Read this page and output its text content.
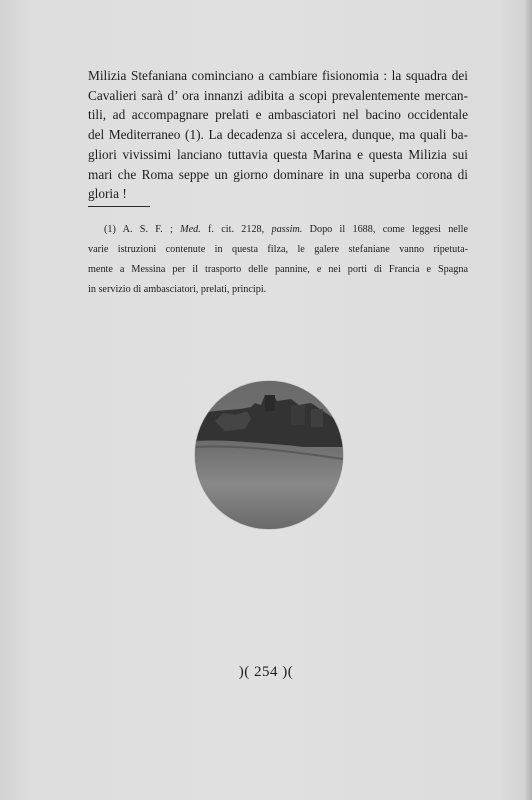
Milizia Stefaniana cominciano a cambiare fisionomia : la squadra dei
Cavalieri sarà d’ ora innanzi adibita a scopi prevalentemente mercan-
tili, ad accompagnare prelati e ambasciatori nel bacino occidentale
del Mediterraneo (1). La decadenza si accelera, dunque, ma quali ba-
gliori vivissimi lanciano tuttavia questa Marina e questa Milizia sui
mari che Roma seppe un giorno dominare in una superba corona di
gloria !
(1) A. S. F. ; Med. f. cit. 2128, passim. Dopo il 1688, come leggesi nelle
varie istruzioni contenute in questa filza, le galere stefaniane vanno ripetuta-
mente a Messina per il trasporto delle pannine, e nei porti di Francia e Spagna
in servizio di ambasciatori, prelati, principi.
)( 254 )(
